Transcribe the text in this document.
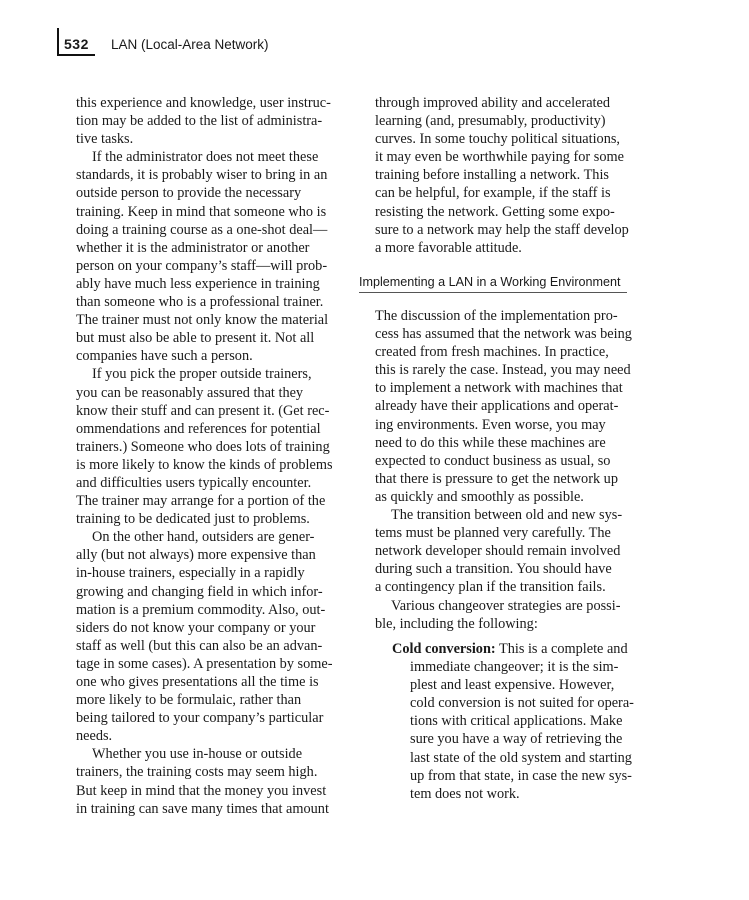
532 LAN (Local-Area Network)
this experience and knowledge, user instruc-
tion may be added to the list of administra-
tive tasks.
If the administrator does not meet these
standards, it is probably wiser to bring in an
outside person to provide the necessary
training. Keep in mind that someone who is
doing a training course as a one-shot deal—
whether it is the administrator or another
person on your company’s staff—will prob-
ably have much less experience in training
than someone who is a professional trainer.
The trainer must not only know the material
but must also be able to present it. Not all
companies have such a person.
If you pick the proper outside trainers,
you can be reasonably assured that they
know their stuff and can present it. (Get rec-
ommendations and references for potential
trainers.) Someone who does lots of training
is more likely to know the kinds of problems
and difficulties users typically encounter.
The trainer may arrange for a portion of the
training to be dedicated just to problems.
On the other hand, outsiders are gener-
ally (but not always) more expensive than
in-house trainers, especially in a rapidly
growing and changing field in which infor-
mation is a premium commodity. Also, out-
siders do not know your company or your
staff as well (but this can also be an advan-
tage in some cases). A presentation by some-
one who gives presentations all the time is
more likely to be formulaic, rather than
being tailored to your company’s particular
needs.
Whether you use in-house or outside
trainers, the training costs may seem high.
But keep in mind that the money you invest
in training can save many times that amount
through improved ability and accelerated
learning (and, presumably, productivity)
curves. In some touchy political situations,
it may even be worthwhile paying for some
training before installing a network. This
can be helpful, for example, if the staff is
resisting the network. Getting some expo-
sure to a network may help the staff develop
a more favorable attitude.
Implementing a LAN in a Working Environment
The discussion of the implementation pro-
cess has assumed that the network was being
created from fresh machines. In practice,
this is rarely the case. Instead, you may need
to implement a network with machines that
already have their applications and operat-
ing environments. Even worse, you may
need to do this while these machines are
expected to conduct business as usual, so
that there is pressure to get the network up
as quickly and smoothly as possible.
The transition between old and new sys-
tems must be planned very carefully. The
network developer should remain involved
during such a transition. You should have
a contingency plan if the transition fails.
Various changeover strategies are possi-
ble, including the following:
Cold conversion: This is a complete and
immediate changeover; it is the sim-
plest and least expensive. However,
cold conversion is not suited for opera-
tions with critical applications. Make
sure you have a way of retrieving the
last state of the old system and starting
up from that state, in case the new sys-
tem does not work.
